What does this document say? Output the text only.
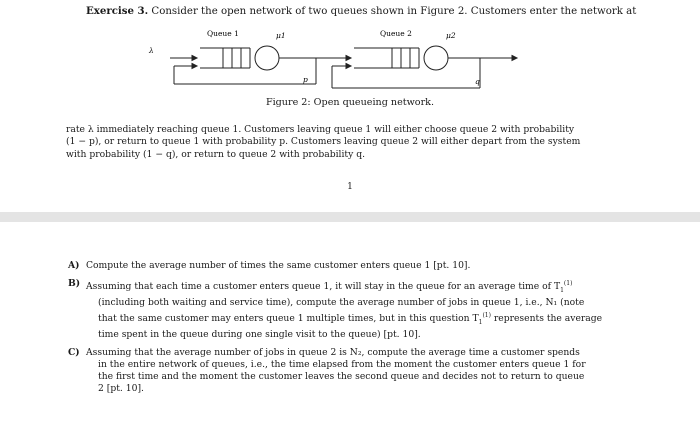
Exercise 3. Consider the open network of two queues shown in Figure 2. Customers enter the network at
Queue 1	μ1	Queue 2	μ2
λ
p	q
Figure 2: Open queueing network.
rate λ immediately reaching queue 1. Customers leaving queue 1 will either choose queue 2 with probability
(1 − p), or return to queue 1 with probability p. Customers leaving queue 2 will either depart from the system
with probability (1 − q), or return to queue 2 with probability q.
1
A) Compute the average number of times the same customer enters queue 1 [pt. 10].
B) Assuming that each time a customer enters queue 1, it will stay in the queue for an average time of $T_1^{(1)}$
(including both waiting and service time), compute the average number of jobs in queue 1, i.e., N₁ (note
that the same customer may enters queue 1 multiple times, but in this question $T_1^{(1)}$ represents the average
time spent in the queue during one single visit to the queue) [pt. 10].
C) Assuming that the average number of jobs in queue 2 is N₂, compute the average time a customer spends
in the entire network of queues, i.e., the time elapsed from the moment the customer enters queue 1 for
the first time and the moment the customer leaves the second queue and decides not to return to queue
2 [pt. 10].
